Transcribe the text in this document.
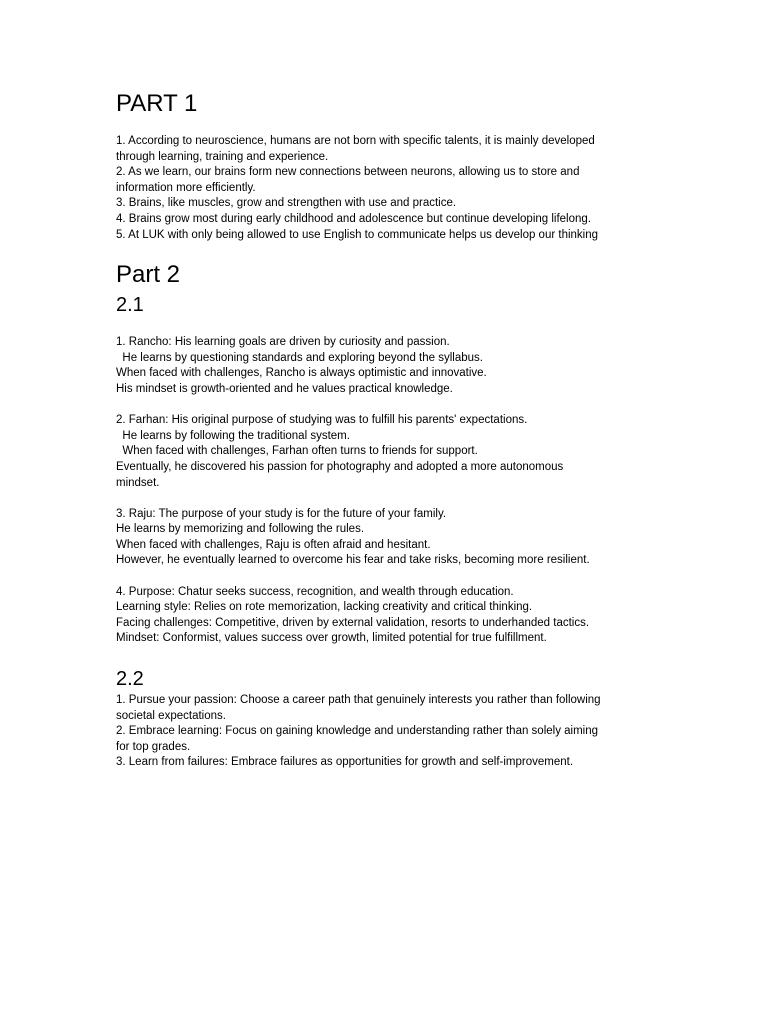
PART 1
1. According to neuroscience, humans are not born with specific talents, it is mainly developed
through learning, training and experience.
2. As we learn, our brains form new connections between neurons, allowing us to store and
information more efficiently.
3. Brains, like muscles, grow and strengthen with use and practice.
4. Brains grow most during early childhood and adolescence but continue developing lifelong.
5. At LUK with only being allowed to use English to communicate helps us develop our thinking
Part 2
2.1
1. Rancho: His learning goals are driven by curiosity and passion.
He learns by questioning standards and exploring beyond the syllabus.
When faced with challenges, Rancho is always optimistic and innovative.
His mindset is growth-oriented and he values practical knowledge.
2. Farhan: His original purpose of studying was to fulfill his parents' expectations.
He learns by following the traditional system.
When faced with challenges, Farhan often turns to friends for support.
Eventually, he discovered his passion for photography and adopted a more autonomous
mindset.
3. Raju: The purpose of your study is for the future of your family.
He learns by memorizing and following the rules.
When faced with challenges, Raju is often afraid and hesitant.
However, he eventually learned to overcome his fear and take risks, becoming more resilient.
4. Purpose: Chatur seeks success, recognition, and wealth through education.
Learning style: Relies on rote memorization, lacking creativity and critical thinking.
Facing challenges: Competitive, driven by external validation, resorts to underhanded tactics.
Mindset: Conformist, values success over growth, limited potential for true fulfillment.
2.2
1. Pursue your passion: Choose a career path that genuinely interests you rather than following
societal expectations.
2. Embrace learning: Focus on gaining knowledge and understanding rather than solely aiming
for top grades.
3. Learn from failures: Embrace failures as opportunities for growth and self-improvement.
